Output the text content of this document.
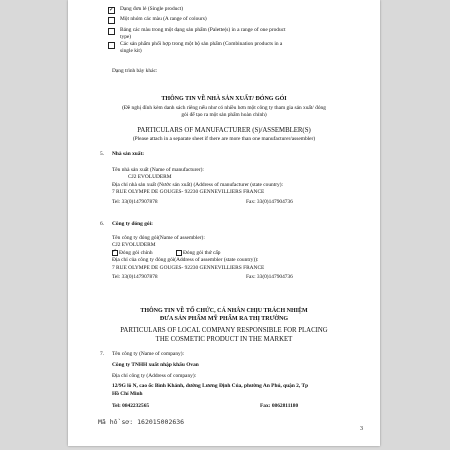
✓
Dạng đơn lẻ (Single product)
Một nhóm các màu (A range of colours)
Bảng các màu trong một dạng sản phẩm (Palette(s) in a range of one product
type)
Các sản phẩm phối hợp trong một bộ sản phẩm (Combination products in a
single kit)
Dạng trình bày khác:
THÔNG TIN VỀ NHÀ SẢN XUẤT/ ĐÓNG GÓI
(Đề nghị đính kèm danh sách riêng nếu như có nhiều hơn một công ty tham gia sản xuất/ đóng
gói để tạo ra một sản phẩm hoàn chỉnh)
PARTICULARS OF MANUFACTURER (S)/ASSEMBLER(S)
(Please attach in a separate sheet if there are more than one manufacturer/assembler)
5. Nhà sản xuất:
Tên nhà sản xuất (Name of manufacturer):
CJ2 EVOLUDERM
Địa chỉ nhà sản xuất (Nước sản xuất) (Address of manufacturer (state country):
7 RUE OLYMPE DE GOUGES- 92230 GENNEVILLIERS FRANCE
Tel: 33(0)147907878	Fax: 33(0)147904736
6. Công ty đóng gói:
Tên công ty đóng gói(Name of assembler):
CJ2 EVOLUDERM
✓Đóng gói chính	Đóng gói thứ cấp
Địa chỉ của công ty đóng gói(Address of assembler (state country)):
7 RUE OLYMPE DE GOUGES- 92230 GENNEVILLIERS FRANCE
Tel: 33(0)147907878	Fax: 33(0)147904736
THÔNG TIN VỀ TỔ CHỨC, CÁ NHÂN CHỊU TRÁCH NHIỆM
ĐƯA SẢN PHẨM MỸ PHẨM RA THỊ TRƯỜNG
PARTICULARS OF LOCAL COMPANY RESPONSIBLE FOR PLACING
THE COSMETIC PRODUCT IN THE MARKET
7. Tên công ty (Name of company):
Công ty TNHH xuất nhập khẩu Ovan
Địa chỉ công ty (Address of company):
12/9G lô N, cao ốc Bình Khánh, đường Lương Định Của, phường An Phú, quận 2, Tp
Hồ Chí Minh
Tel: 0842232565	Fax: 0862811180
Mã hồ sơ: 162015002636
3
